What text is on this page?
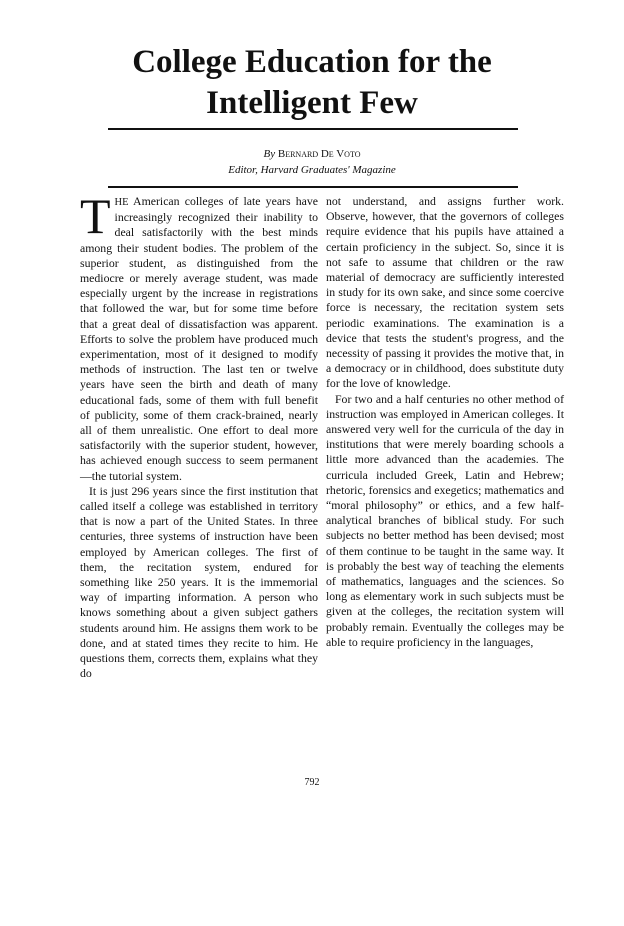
College Education for the
Intelligent Few
By Bernard De Voto
Editor, Harvard Graduates' Magazine

THE American colleges of late years have increasingly recognized their inability to deal satisfactorily with the best minds among their student bodies. The problem of the superior student, as distinguished from the mediocre or merely average student, was made especially urgent by the increase in registrations that followed the war, but for some time before that a great deal of dissatisfaction was apparent. Efforts to solve the problem have produced much experimentation, most of it designed to modify methods of instruction. The last ten or twelve years have seen the birth and death of many educational fads, some of them with full benefit of publicity, some of them crack-brained, nearly all of them unrealistic. One effort to deal more satisfactorily with the superior student, however, has achieved enough success to seem permanent—the tutorial system.

It is just 296 years since the first institution that called itself a college was established in territory that is now a part of the United States. In three centuries, three systems of instruction have been employed by American colleges. The first of them, the recitation system, endured for something like 250 years. It is the immemorial way of imparting information. A person who knows something about a given subject gathers students around him. He assigns them work to be done, and at stated times they recite to him. He questions them, corrects them, explains what they do

not understand, and assigns further work. Observe, however, that the governors of colleges require evidence that his pupils have attained a certain proficiency in the subject. So, since it is not safe to assume that children or the raw material of democracy are sufficiently interested in study for its own sake, and since some coercive force is necessary, the recitation system sets periodic examinations. The examination is a device that tests the student's progress, and the necessity of passing it provides the motive that, in a democracy or in childhood, does substitute duty for the love of knowledge.

For two and a half centuries no other method of instruction was employed in American colleges. It answered very well for the curricula of the day in institutions that were merely boarding schools a little more advanced than the academies. The curricula included Greek, Latin and Hebrew; rhetoric, forensics and exegetics; mathematics and “moral philosophy” or ethics, and a few half-analytical branches of biblical study. For such subjects no better method has been devised; most of them continue to be taught in the same way. It is probably the best way of teaching the elements of mathematics, languages and the sciences. So long as elementary work in such subjects must be given at the colleges, the recitation system will probably remain. Eventually the colleges may be able to require proficiency in the languages,

792
